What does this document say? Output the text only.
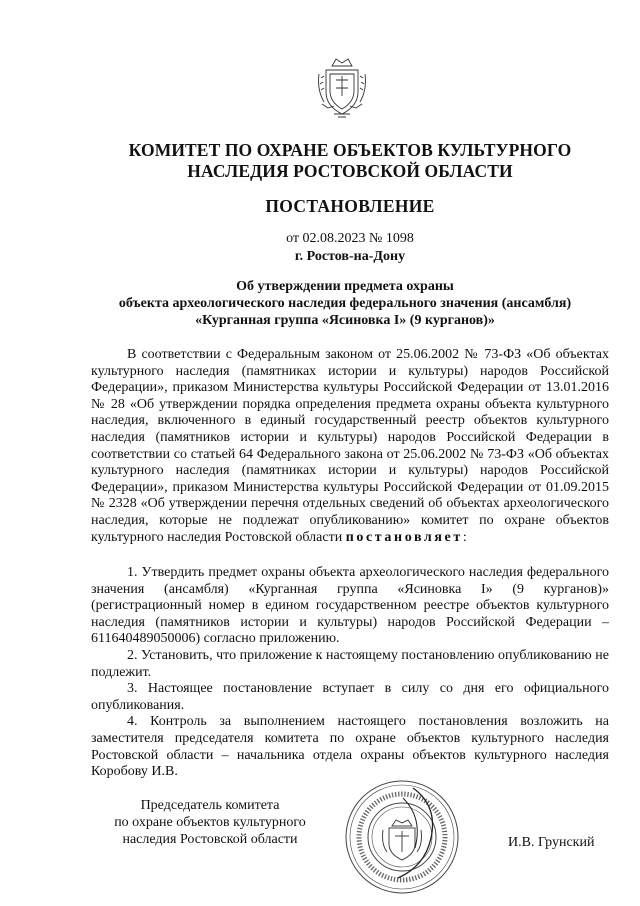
КОМИТЕТ ПО ОХРАНЕ ОБЪЕКТОВ КУЛЬТУРНОГО
НАСЛЕДИЯ РОСТОВСКОЙ ОБЛАСТИ
ПОСТАНОВЛЕНИЕ
от 02.08.2023 № 1098
г. Ростов-на-Дону
Об утверждении предмета охраны
объекта археологического наследия федерального значения (ансамбля)
«Курганная группа «Ясиновка I» (9 курганов)»

В соответствии с Федеральным законом от 25.06.2002 № 73-ФЗ «Об объектах культурного наследия (памятниках истории и культуры) народов Российской Федерации», приказом Министерства культуры Российской Федерации от 13.01.2016 № 28 «Об утверждении порядка определения предмета охраны объекта культурного наследия, включенного в единый государственный реестр объектов культурного наследия (памятников истории и культуры) народов Российской Федерации в соответствии со статьей 64 Федерального закона от 25.06.2002 № 73-ФЗ «Об объектах культурного наследия (памятниках истории и культуры) народов Российской Федерации», приказом Министерства культуры Российской Федерации от 01.09.2015 № 2328 «Об утверждении перечня отдельных сведений об объектах археологического наследия, которые не подлежат опубликованию» комитет по охране объектов культурного наследия Ростовской области постановляет:

1. Утвердить предмет охраны объекта археологического наследия федерального значения (ансамбля) «Курганная группа «Ясиновка I» (9 курганов)» (регистрационный номер в едином государственном реестре объектов культурного наследия (памятников истории и культуры) народов Российской Федерации – 611640489050006) согласно приложению.

2. Установить, что приложение к настоящему постановлению опубликованию не подлежит.

3. Настоящее постановление вступает в силу со дня его официального опубликования.

4. Контроль за выполнением настоящего постановления возложить на заместителя председателя комитета по охране объектов культурного наследия Ростовской области – начальника отдела охраны объектов культурного наследия Коробову И.В.

Председатель комитета
по охране объектов культурного
наследия Ростовской области	И.В. Грунский
